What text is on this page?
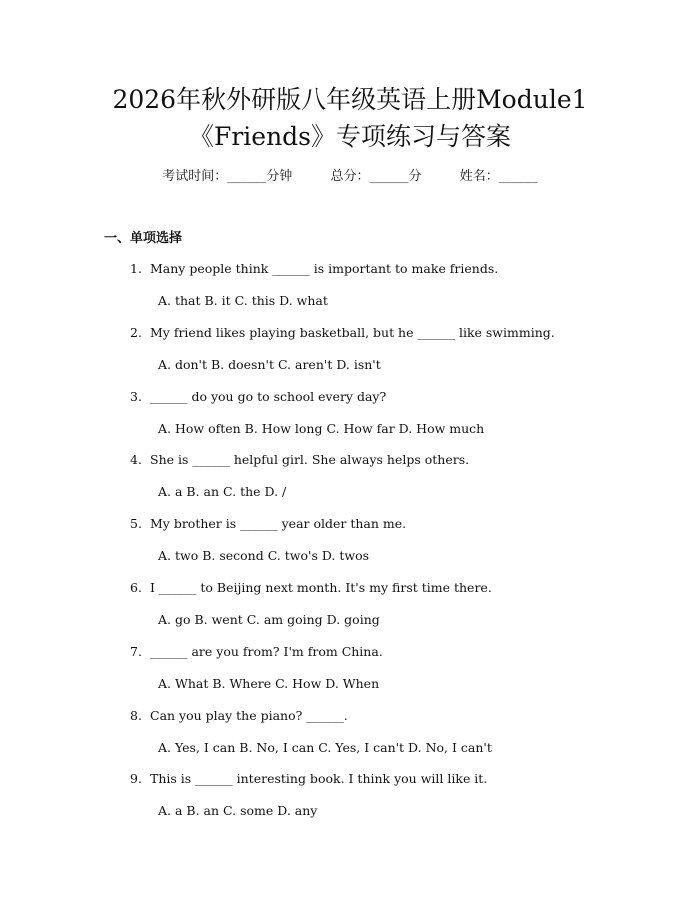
2026年秋外研版八年级英语上册Module1
《Friends》专项练习与答案
考试时间：______分钟	总分：______分	姓名：______
一、单项选择
1. Many people think ______ is important to make friends.
A. that B. it C. this D. what
2. My friend likes playing basketball, but he ______ like swimming.
A. don't B. doesn't C. aren't D. isn't
3. ______ do you go to school every day?
A. How often B. How long C. How far D. How much
4. She is ______ helpful girl. She always helps others.
A. a B. an C. the D. /
5. My brother is ______ year older than me.
A. two B. second C. two's D. twos
6. I ______ to Beijing next month. It's my first time there.
A. go B. went C. am going D. going
7. ______ are you from? I'm from China.
A. What B. Where C. How D. When
8. Can you play the piano? ______.
A. Yes, I can B. No, I can C. Yes, I can't D. No, I can't
9. This is ______ interesting book. I think you will like it.
A. a B. an C. some D. any
